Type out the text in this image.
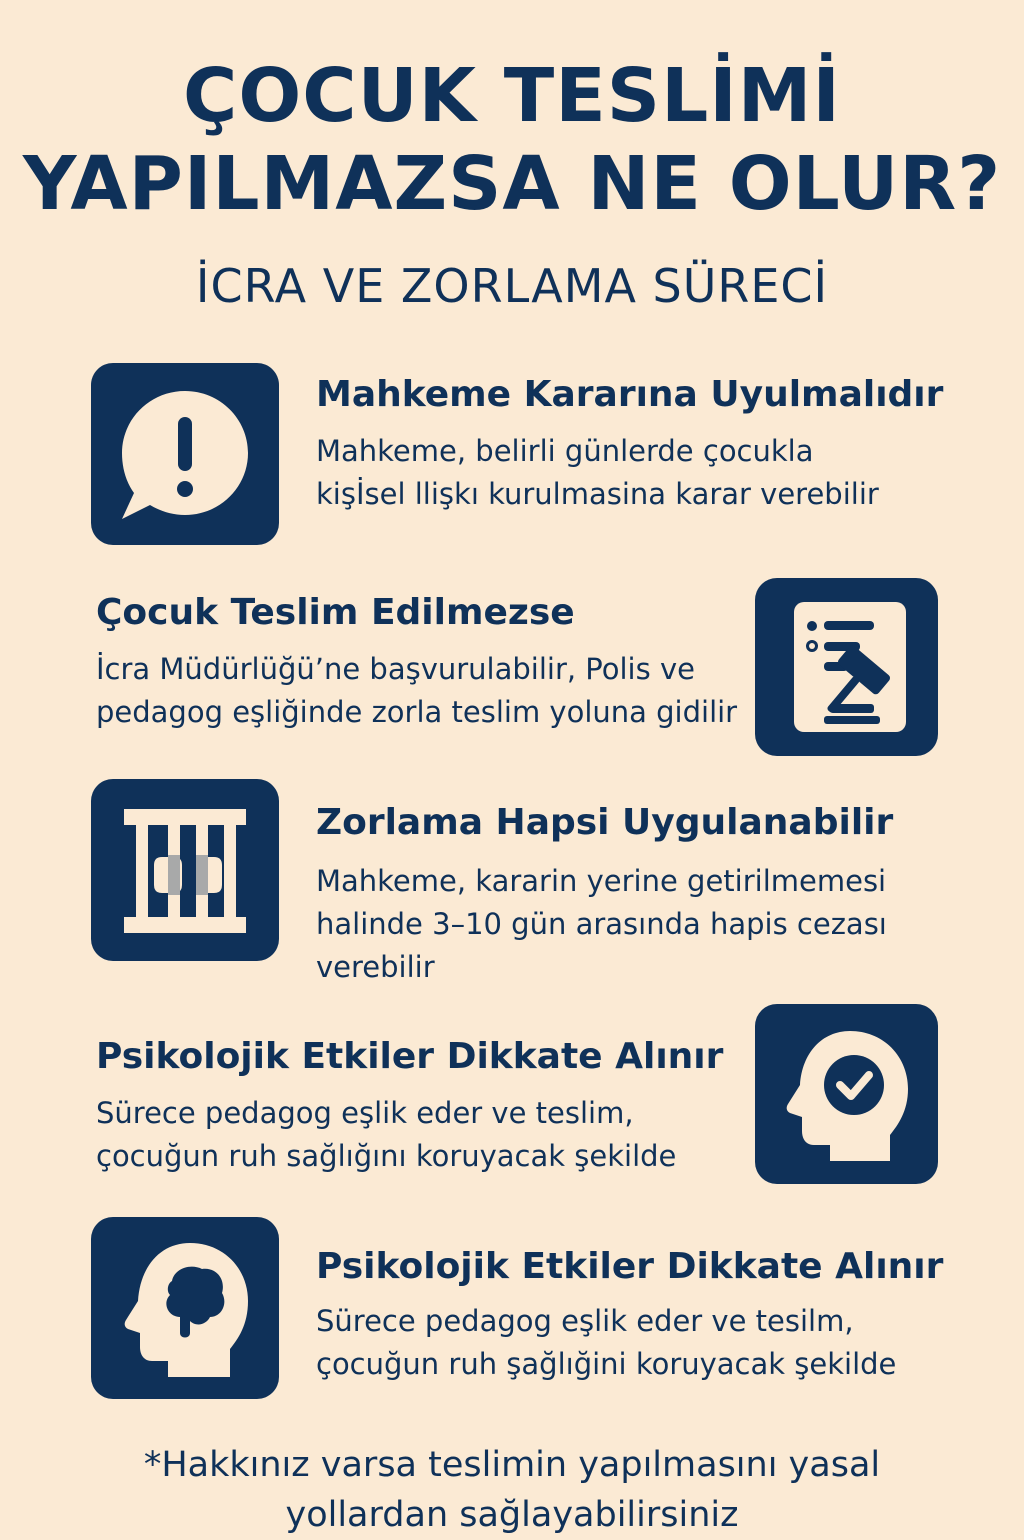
ÇOCUK TESLİMİ
YAPILMAZSA NE OLUR?
İCRA VE ZORLAMA SÜRECİ
Mahkeme Kararına Uyulmalıdır
Mahkeme, belirli günlerde çocukla
kişİsel llişkı kurulmasina karar verebilir
Çocuk Teslim Edilmezse
İcra Müdürlüğü’ne başvurulabilir, Polis ve
pedagog eşliğinde zorla teslim yoluna gidilir
Zorlama Hapsi Uygulanabilir
Mahkeme, kararin yerine getirilmemesi
halinde 3–10 gün arasında hapis cezası
verebilir
Psikolojik Etkiler Dikkate Alınır
Sürece pedagog eşlik eder ve teslim,
çocuğun ruh sağlığını koruyacak şekilde
Psikolojik Etkiler Dikkate Alınır
Sürece pedagog eşlik eder ve tesilm,
çocuğun ruh şağlığini koruyacak şekilde
*Hakkınız varsa teslimin yapılmasını yasal
yollardan sağlayabilirsiniz
